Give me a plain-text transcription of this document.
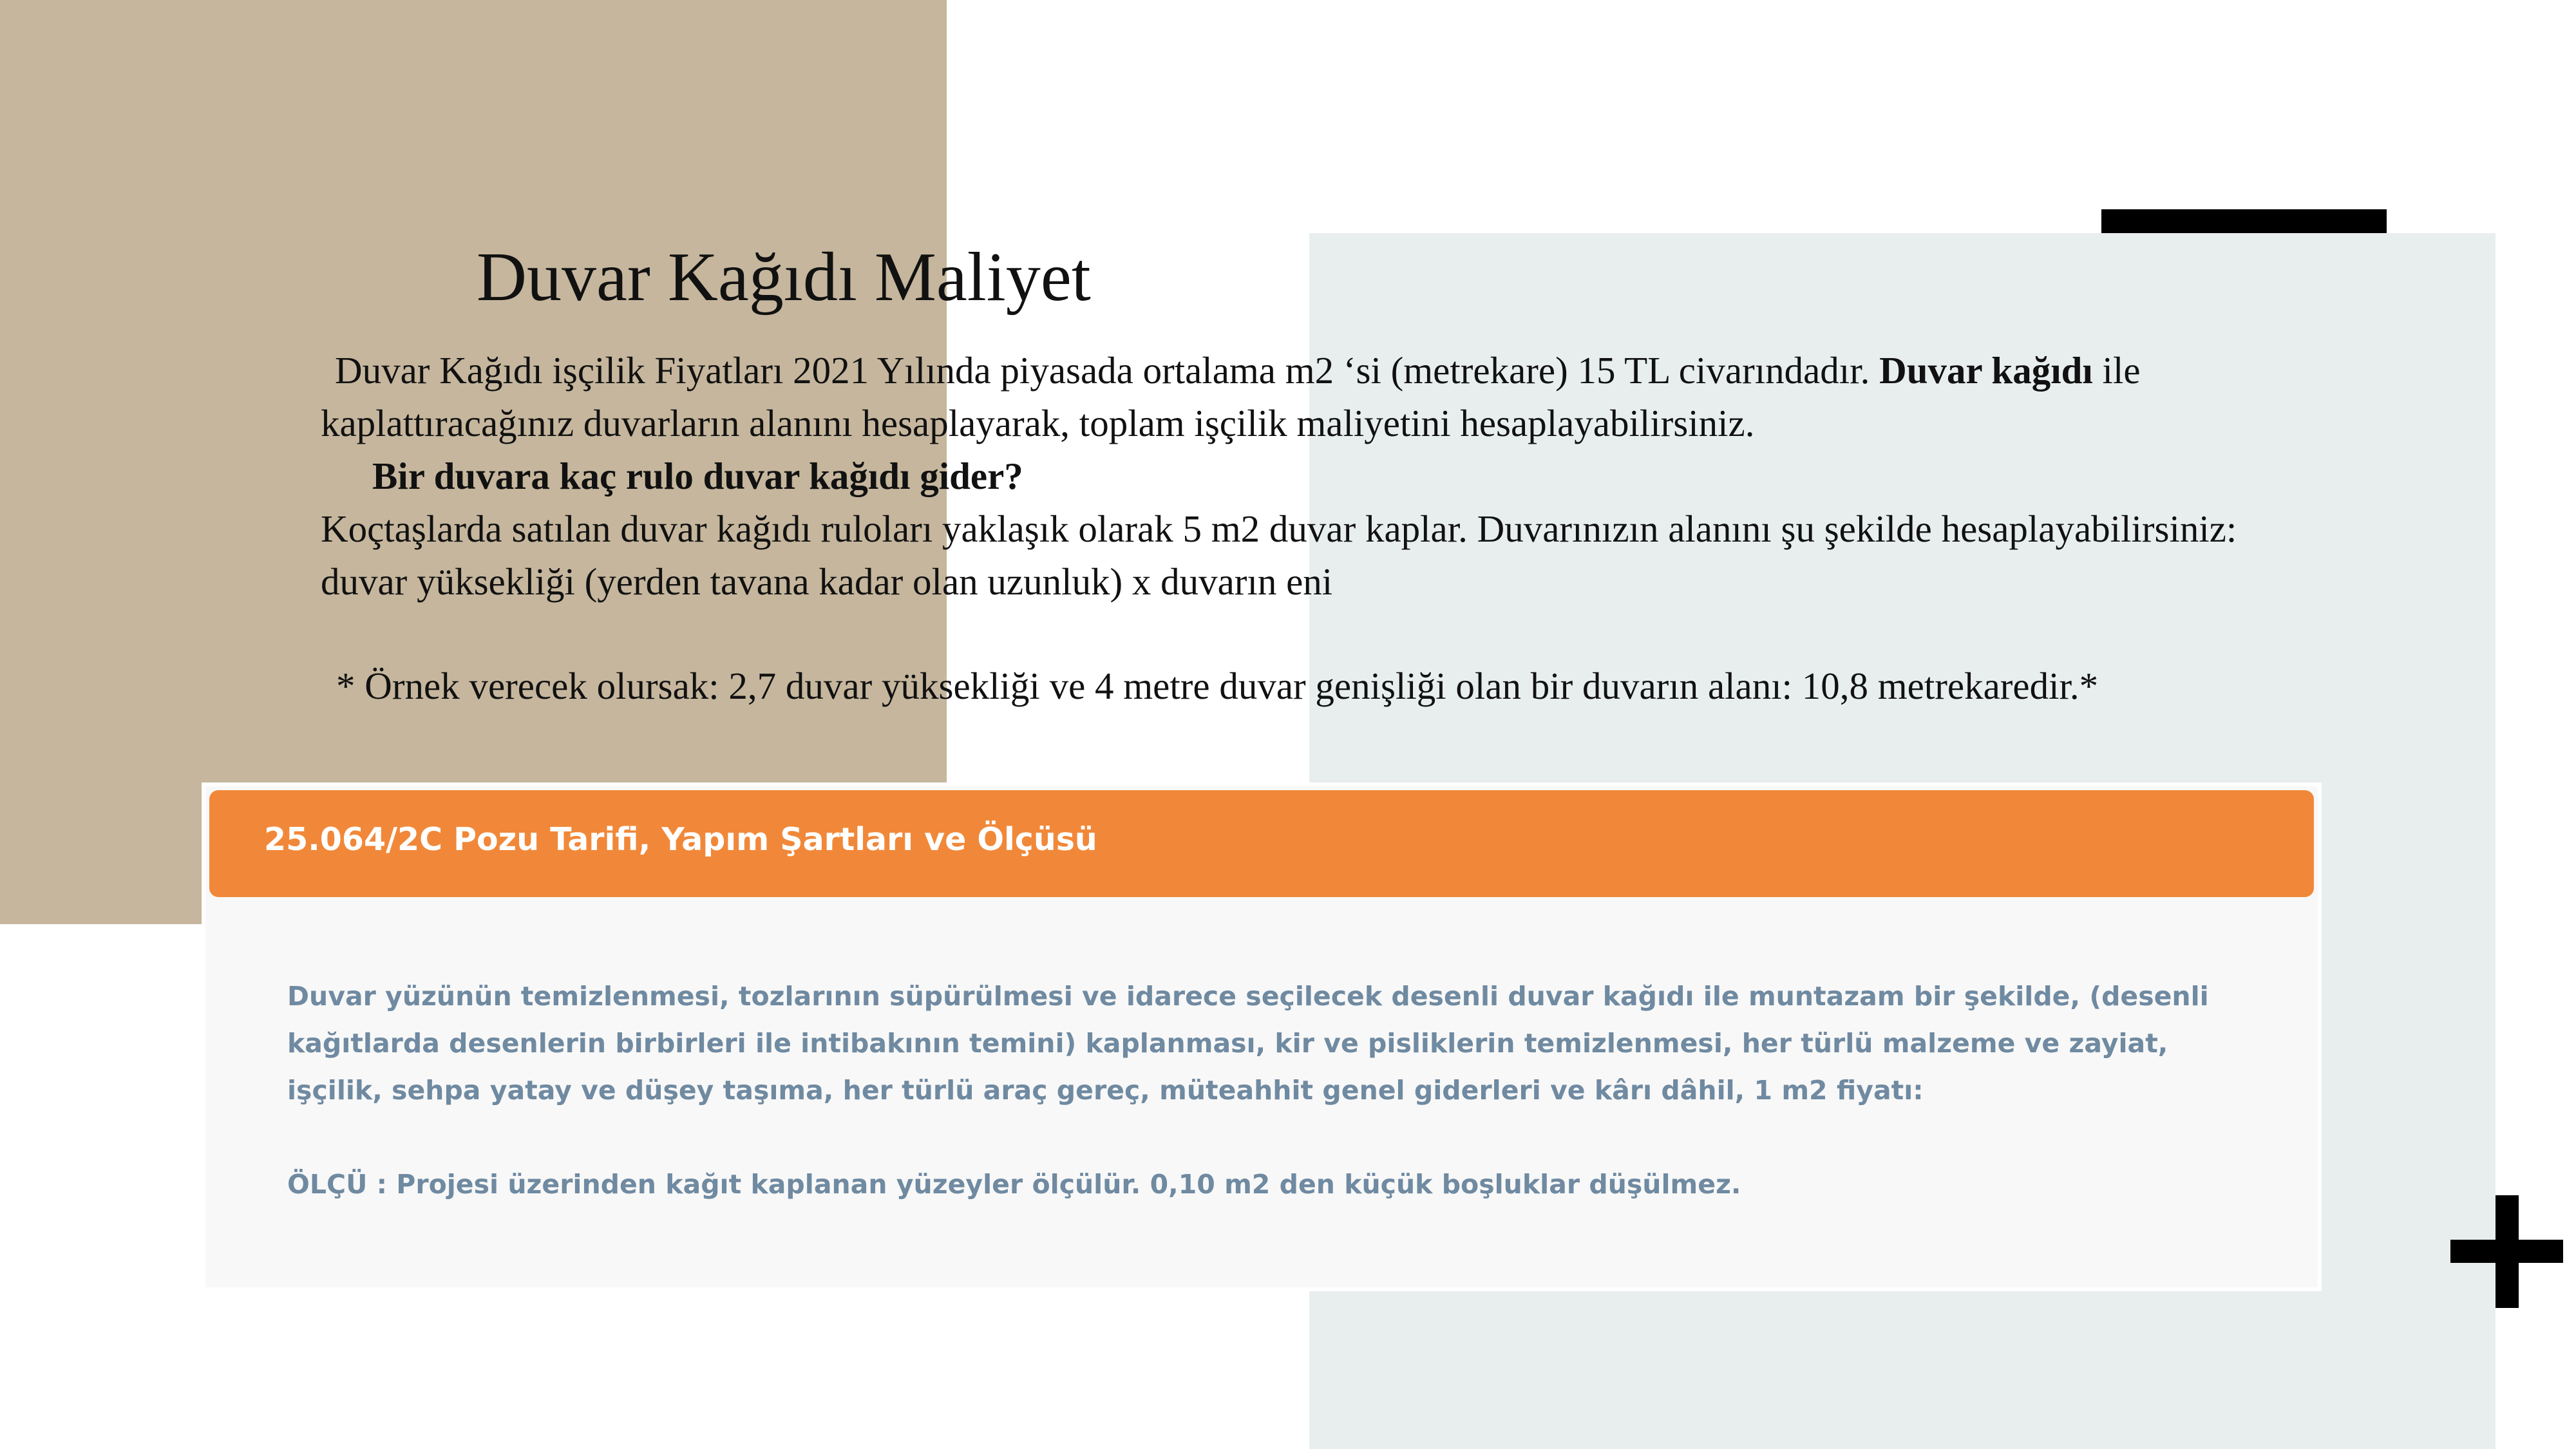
Duvar Kağıdı Maliyet

Duvar Kağıdı işçilik Fiyatları 2021 Yılında piyasada ortalama m2 ‘si (metrekare) 15 TL civarındadır. Duvar kağıdı ile kaplattıracağınız duvarların alanını hesaplayarak, toplam işçilik maliyetini hesaplayabilirsiniz.

Bir duvara kaç rulo duvar kağıdı gider?

Koçtaşlarda satılan duvar kağıdı ruloları yaklaşık olarak 5 m2 duvar kaplar. Duvarınızın alanını şu şekilde hesaplayabilirsiniz: duvar yüksekliği (yerden tavana kadar olan uzunluk) x duvarın eni

* Örnek verecek olursak: 2,7 duvar yüksekliği ve 4 metre duvar genişliği olan bir duvarın alanı: 10,8 metrekaredir.*

25.064/2C Pozu Tarifi, Yapım Şartları ve Ölçüsü

Duvar yüzünün temizlenmesi, tozlarının süpürülmesi ve idarece seçilecek desenli duvar kağıdı ile muntazam bir şekilde, (desenli kağıtlarda desenlerin birbirleri ile intibakının temini) kaplanması, kir ve pisliklerin temizlenmesi, her türlü malzeme ve zayiat, işçilik, sehpa yatay ve düşey taşıma, her türlü araç gereç, müteahhit genel giderleri ve kârı dâhil, 1 m2 fiyatı:

ÖLÇÜ : Projesi üzerinden kağıt kaplanan yüzeyler ölçülür. 0,10 m2 den küçük boşluklar düşülmez.
